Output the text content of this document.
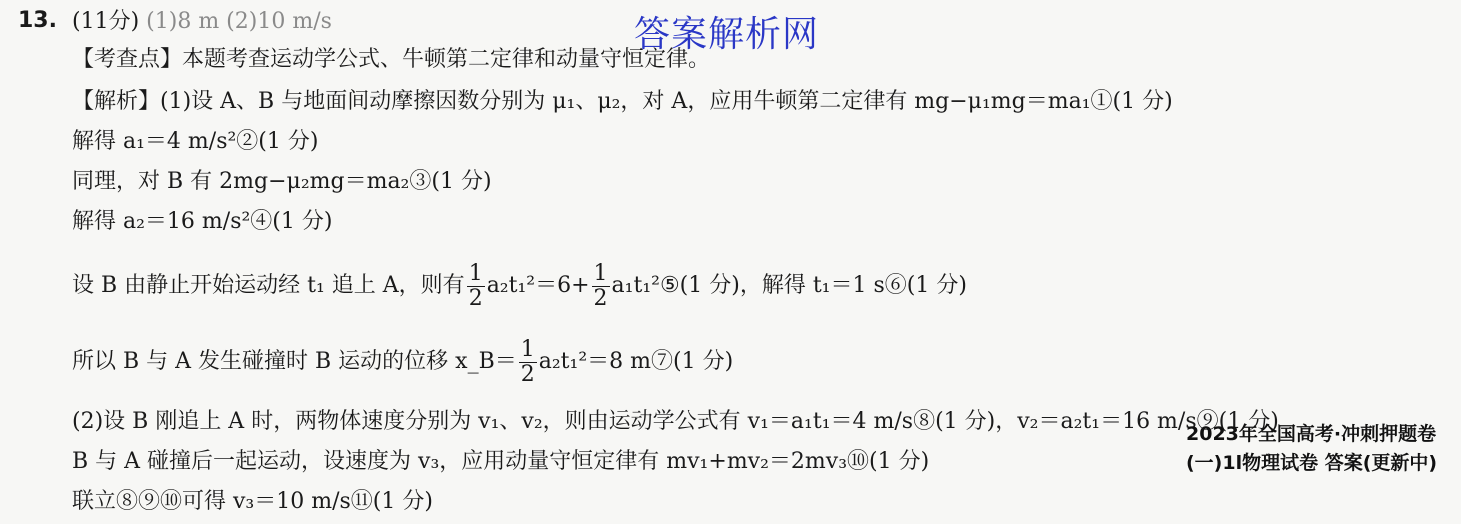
13. (11分) (1)8 m (2)10 m/s	答案解析网
【考查点】本题考查运动学公式、牛顿第二定律和动量守恒定律。
【解析】(1)设 A、B 与地面间动摩擦因数分别为 μ₁、μ₂，对 A，应用牛顿第二定律有 mg−μ₁mg＝ma₁①(1 分)
解得 a₁＝4 m/s²②(1 分)
同理，对 B 有 2mg−μ₂mg＝ma₂③(1 分)
解得 a₂＝16 m/s²④(1 分)
设 B 由静止开始运动经 t₁ 追上 A，则有 $\frac{1}{2} a_2t_1^2=6+ \frac{1}{2}$ a₁t₁²⑤(1 分)，解得 t₁＝1 s⑥(1 分)
所以 B 与 A 发生碰撞时 B 运动的位移 x_B＝ $\frac{1}{2} a_2t_1^2=8$ m⑦(1 分)
(2)设 B 刚追上 A 时，两物体速度分别为 v₁、v₂，则由运动学公式有 v₁＝a₁t₁＝4 m/s⑧(1 分)，v₂＝a₂t₁＝16 m/s⑨(1 分)
B 与 A 碰撞后一起运动，设速度为 v₃，应用动量守恒定律有 mv₁+mv₂＝2mv₃⑩(1 分)
联立⑧⑨⑩可得 v₃＝10 m/s⑪(1 分)
2023年全国高考·冲刺押题卷(一)1l物理试卷 答案(更新中)
